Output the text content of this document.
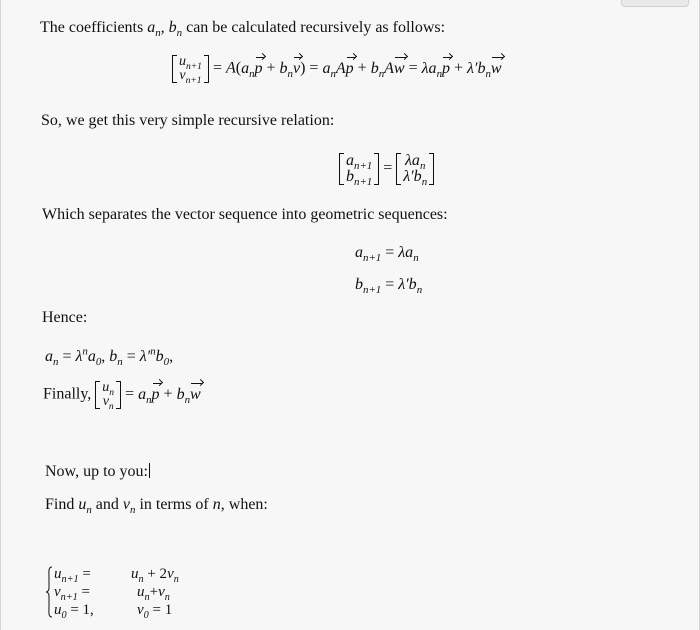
The coefficients $a_n$, $b_n$ can be calculated recursively as follows:
$u_{n+1}$
$v_{n+1}$
= $A(a_np + b_nv) = a_nAp + b_nAw = \lambda a_np + \lambda'b_nw$
So, we get this very simple recursive relation:
$a_{n+1}$
$b_{n+1}$
= $\lambda a_n$
$\lambda'b_n$
Which separates the vector sequence into geometric sequences:
$a_{n+1} = \lambda a_n$
$b_{n+1} = \lambda'b_n$
Hence:
$a_n = \lambda^na_0$, $b_n = \lambda'^nb_0$,
Finally, $u_n$
$v_n$
= $a_np + b_nw$
Now, up to you:
Find $u_n$ and $v_n$ in terms of n, when:
$u_{n+1}$ =	$u_n + 2v_n$
$v_{n+1}$ =	$u_n+v_n$
$u_0 = 1$,	$v_0 = 1$
